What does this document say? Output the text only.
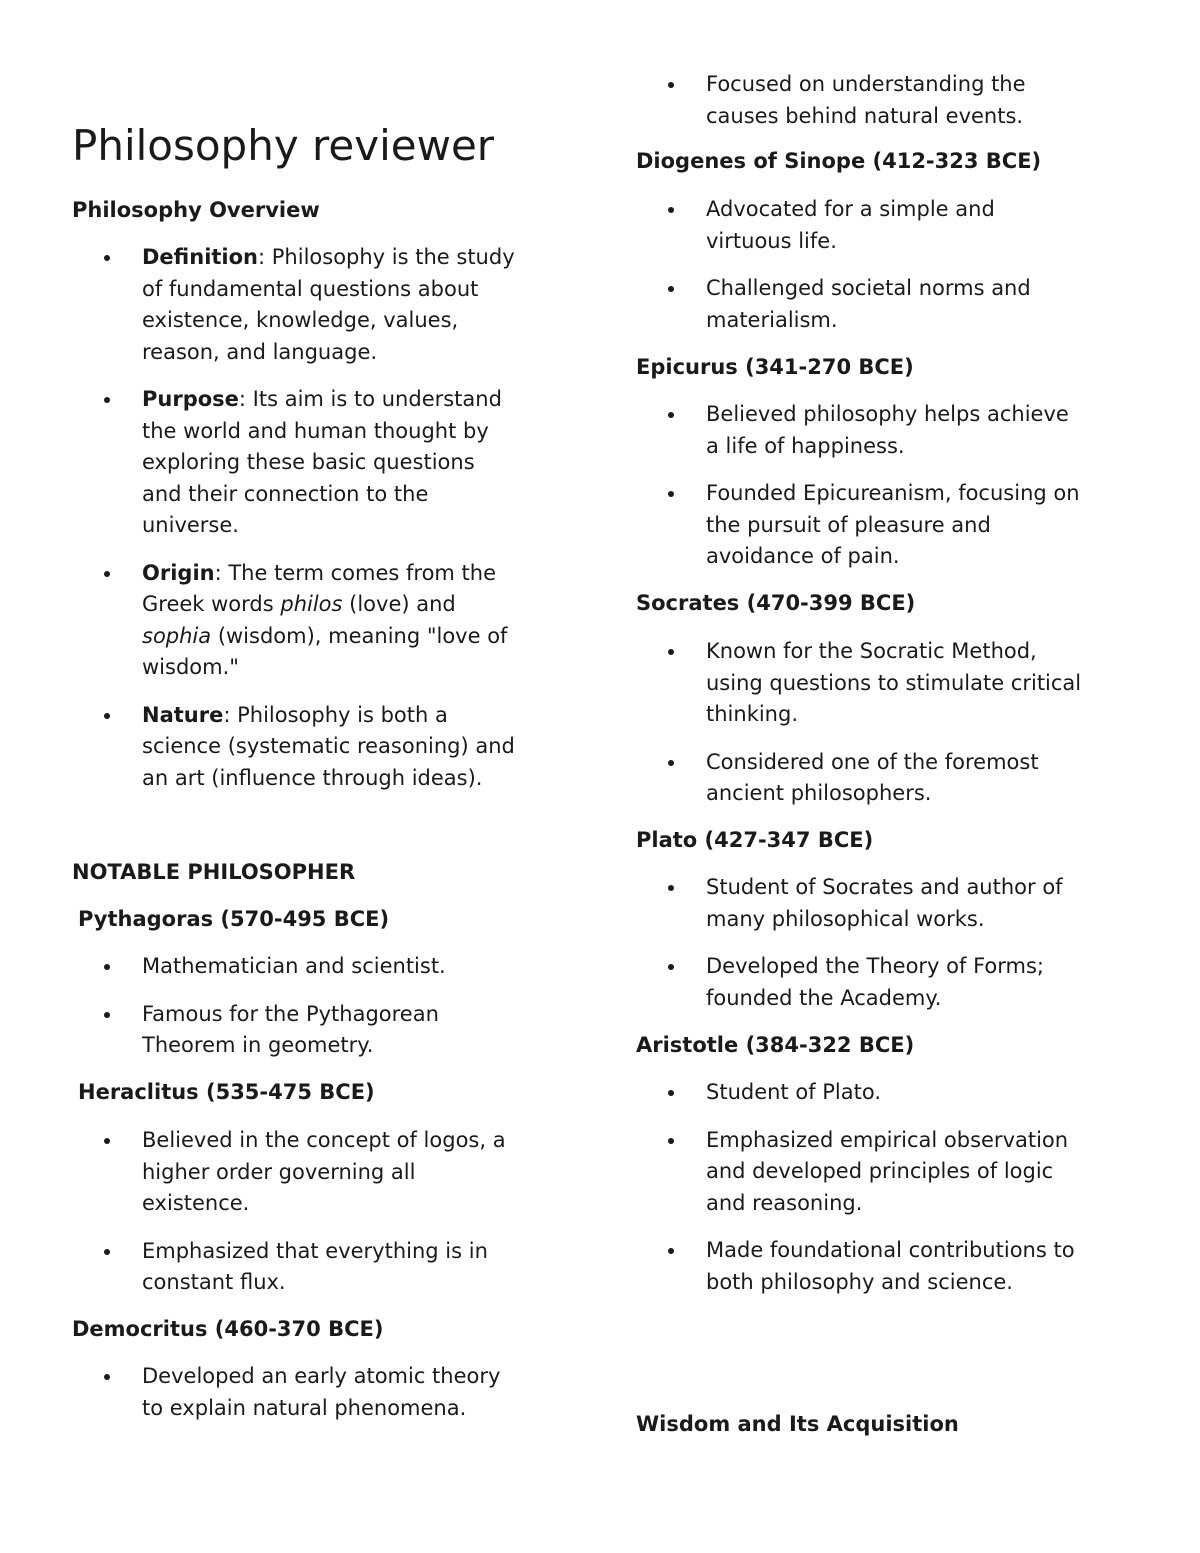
Philosophy reviewer
Philosophy Overview
Definition: Philosophy is the study
of fundamental questions about
existence, knowledge, values,
reason, and language.
Purpose: Its aim is to understand
the world and human thought by
exploring these basic questions
and their connection to the
universe.
Origin: The term comes from the
Greek words philos (love) and
sophia (wisdom), meaning "love of
wisdom."
Nature: Philosophy is both a
science (systematic reasoning) and
an art (influence through ideas).
NOTABLE PHILOSOPHER
Pythagoras (570-495 BCE)
Mathematician and scientist.
Famous for the Pythagorean
Theorem in geometry.
Heraclitus (535-475 BCE)
Believed in the concept of logos, a
higher order governing all
existence.
Emphasized that everything is in
constant flux.
Democritus (460-370 BCE)
Developed an early atomic theory
to explain natural phenomena.
Focused on understanding the
causes behind natural events.
Diogenes of Sinope (412-323 BCE)
Advocated for a simple and
virtuous life.
Challenged societal norms and
materialism.
Epicurus (341-270 BCE)
Believed philosophy helps achieve
a life of happiness.
Founded Epicureanism, focusing on
the pursuit of pleasure and
avoidance of pain.
Socrates (470-399 BCE)
Known for the Socratic Method,
using questions to stimulate critical
thinking.
Considered one of the foremost
ancient philosophers.
Plato (427-347 BCE)
Student of Socrates and author of
many philosophical works.
Developed the Theory of Forms;
founded the Academy.
Aristotle (384-322 BCE)
Student of Plato.
Emphasized empirical observation
and developed principles of logic
and reasoning.
Made foundational contributions to
both philosophy and science.
Wisdom and Its Acquisition
